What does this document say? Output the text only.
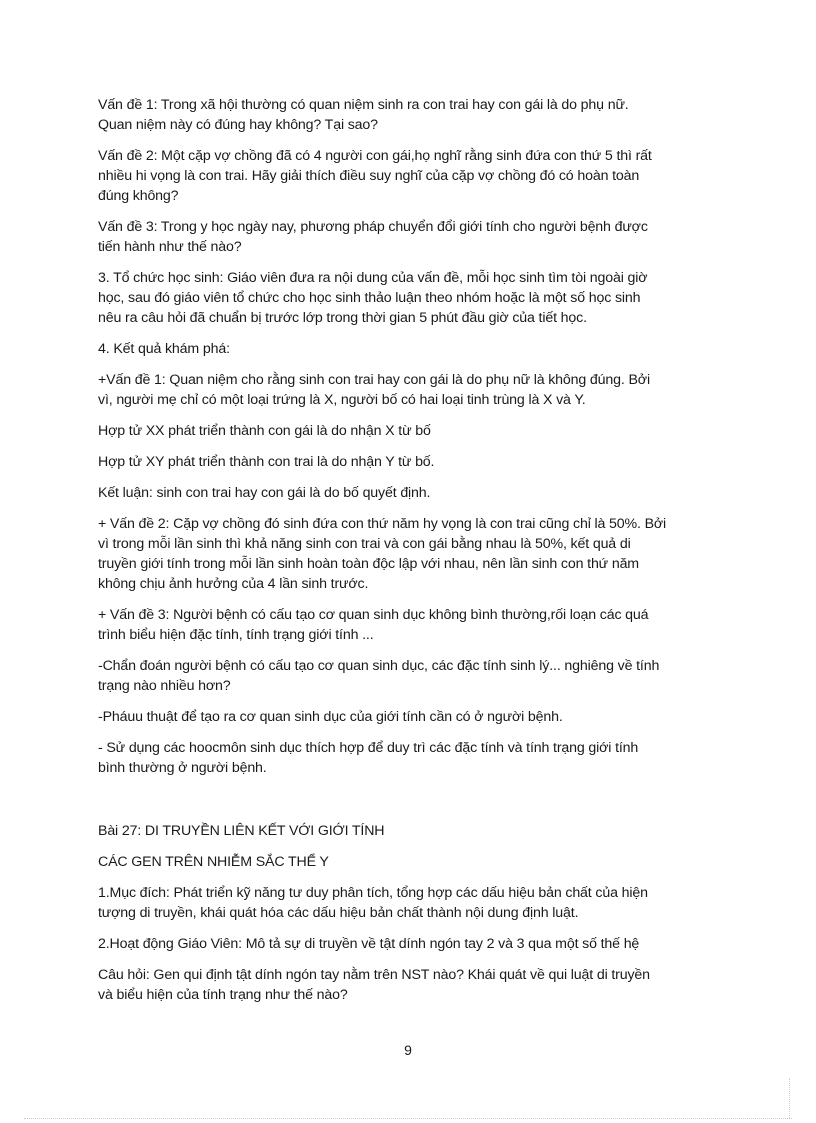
Vấn đề 1: Trong xã hội thường có quan niệm sinh ra con trai hay con gái là do phụ nữ.
Quan niệm này có đúng hay không? Tại sao?

Vấn đề 2: Một cặp vợ chồng đã có 4 người con gái,họ nghĩ rằng sinh đứa con thứ 5 thì rất
nhiều hi vọng là con trai. Hãy giải thích điều suy nghĩ của cặp vợ chồng đó có hoàn toàn
đúng không?

Vấn đề 3: Trong y học ngày nay, phương pháp chuyển đổi giới tính cho người bệnh được
tiến hành như thế nào?

3. Tổ chức học sinh: Giáo viên đưa ra nội dung của vấn đề, mỗi học sinh tìm tòi ngoài giờ
học, sau đó giáo viên tổ chức cho học sinh thảo luận theo nhóm hoặc là một số học sinh
nêu ra câu hỏi đã chuẩn bị trước lớp trong thời gian 5 phút đầu giờ của tiết học.

4. Kết quả khám phá:

+Vấn đề 1: Quan niệm cho rằng sinh con trai hay con gái là do phụ nữ là không đúng. Bởi
vì, người mẹ chỉ có một loại trứng là X, người bố có hai loại tinh trùng là X và Y.

Hợp tử XX phát triển thành con gái là do nhận X từ bố

Hợp tử XY phát triển thành con trai là do nhận Y từ bố.

Kết luận: sinh con trai hay con gái là do bố quyết định.

+ Vấn đề 2: Cặp vợ chồng đó sinh đứa con thứ năm hy vọng là con trai cũng chỉ là 50%. Bởi
vì trong mỗi lần sinh thì khả năng sinh con trai và con gái bằng nhau là 50%, kết quả di
truyền giới tính trong mỗi lần sinh hoàn toàn độc lập với nhau, nên lần sinh con thứ năm
không chịu ảnh hưởng của 4 lần sinh trước.

+ Vấn đề 3: Người bệnh có cấu tạo cơ quan sinh dục không bình thường,rối loạn các quá
trình biểu hiện đặc tính, tính trạng giới tính ...

-Chẩn đoán người bệnh có cấu tạo cơ quan sinh dục, các đặc tính sinh lý... nghiêng về tính
trạng nào nhiều hơn?

-Pháuu thuật để tạo ra cơ quan sinh dục của giới tính cần có ở người bệnh.

- Sử dụng các hoocmôn sinh dục thích hợp để duy trì các đặc tính và tính trạng giới tính
bình thường ở người bệnh.

Bài 27: DI TRUYỀN LIÊN KẾT VỚI GIỚI TÍNH

CÁC GEN TRÊN NHIỄM SẮC THỂ Y

1.Mục đích: Phát triển kỹ năng tư duy phân tích, tổng hợp các dấu hiệu bản chất của hiện
tượng di truyền, khái quát hóa các dấu hiệu bản chất thành nội dung định luật.

2.Hoạt động Giáo Viên: Mô tả sự di truyền về tật dính ngón tay 2 và 3 qua một số thế hệ

Câu hỏi: Gen qui định tật dính ngón tay nằm trên NST nào? Khái quát về qui luật di truyền
và biểu hiện của tính trạng như thế nào?

9
